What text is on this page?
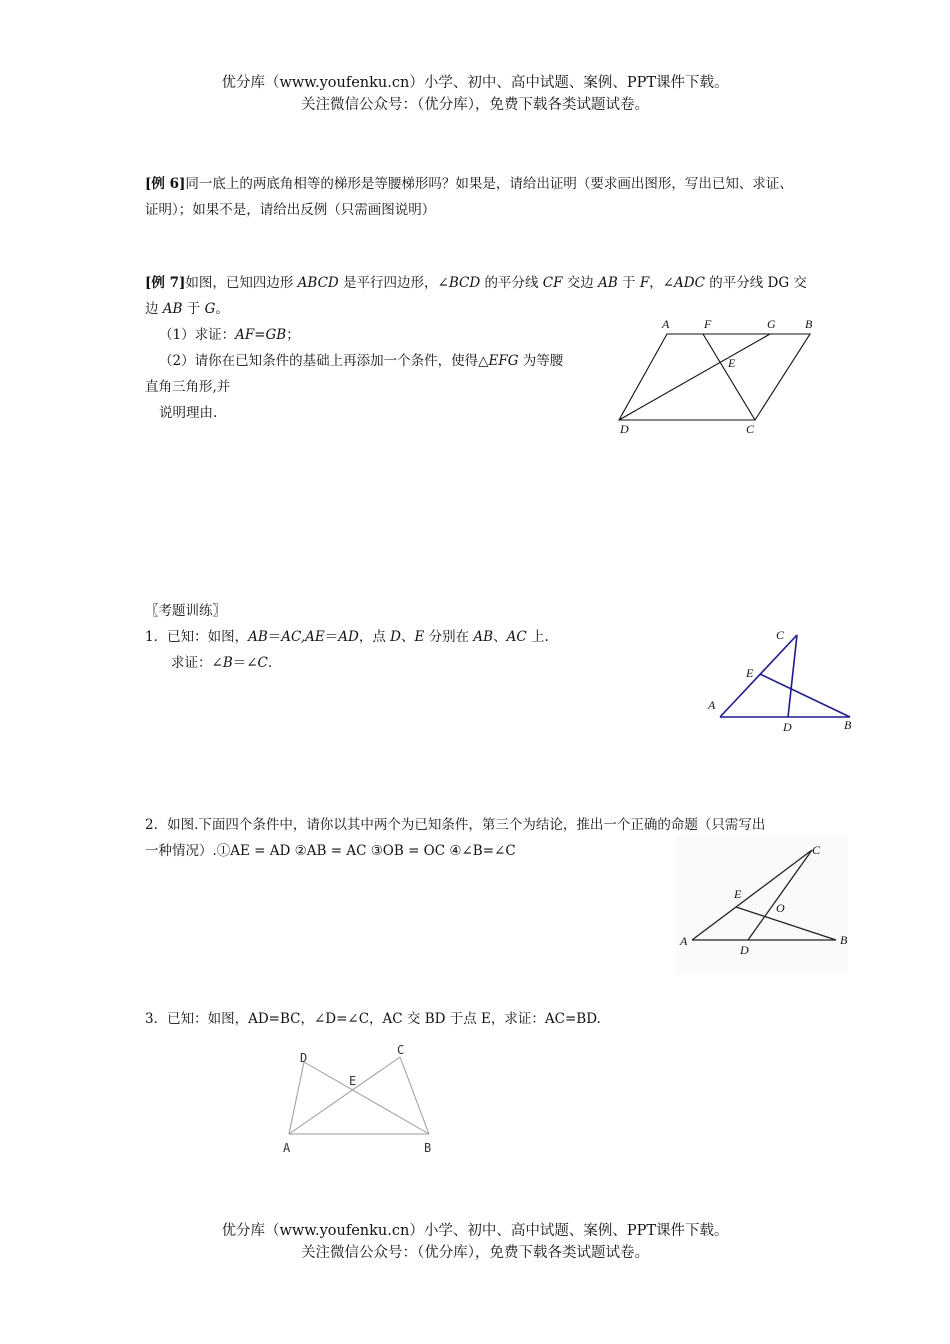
优分库（www.youfenku.cn）小学、初中、高中试题、案例、PPT课件下载。
关注微信公众号：（优分库），免费下载各类试题试卷。
[例 6]同一底上的两底角相等的梯形是等腰梯形吗？如果是，请给出证明（要求画出图形，写出已知、求证、
证明）；如果不是，请给出反例（只需画图说明）
[例 7]如图，已知四边形 ABCD 是平行四边形，∠BCD 的平分线 CF 交边 AB 于 F，∠ADC 的平分线 DG 交
边 AB 于 G。
（1）求证：AF=GB；
（2）请你在已知条件的基础上再添加一个条件，使得△EFG 为等腰
直角三角形,并
说明理由.
A	F	G B
E
D	C
〖考题训练〗
1．已知：如图，AB＝AC,AE＝AD，点 D、E 分别在 AB、AC 上.
求证：∠B＝∠C.
C
E
A
D	B
2．如图.下面四个条件中，请你以其中两个为已知条件，第三个为结论，推出一个正确的命题（只需写出
一种情况）.①AE = AD ②AB = AC ③OB = OC ④∠B=∠C	C
E
O
A
D
B
3．已知：如图，AD=BC，∠D=∠C，AC 交 BD 于点 E，求证：AC=BD.
D
C
E
A	B
优分库（www.youfenku.cn）小学、初中、高中试题、案例、PPT课件下载。
关注微信公众号：（优分库），免费下载各类试题试卷。
